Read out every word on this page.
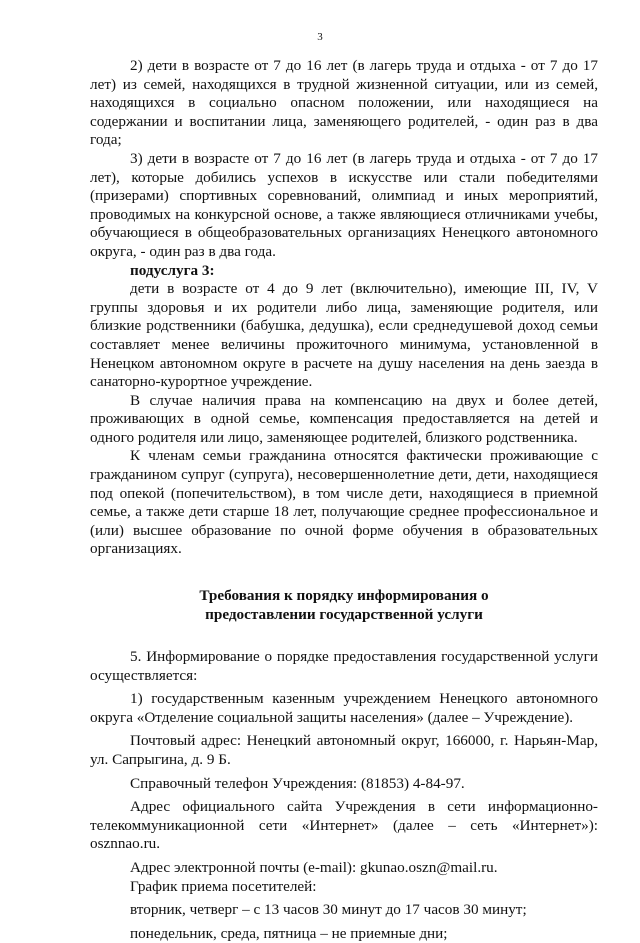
3

2) дети в возрасте от 7 до 16 лет (в лагерь труда и отдыха - от 7 до 17 лет) из семей, находящихся в трудной жизненной ситуации, или из семей, находящихся в социально опасном положении, или находящиеся на содержании и воспитании лица, заменяющего родителей, - один раз в два года;

3) дети в возрасте от 7 до 16 лет (в лагерь труда и отдыха - от 7 до 17 лет), которые добились успехов в искусстве или стали победителями (призерами) спортивных соревнований, олимпиад и иных мероприятий, проводимых на конкурсной основе, а также являющиеся отличниками учебы, обучающиеся в общеобразовательных организациях Ненецкого автономного округа, - один раз в два года.

подуслуга 3:

дети в возрасте от 4 до 9 лет (включительно), имеющие III, IV, V группы здоровья и их родители либо лица, заменяющие родителя, или близкие родственники (бабушка, дедушка), если среднедушевой доход семьи составляет менее величины прожиточного минимума, установленной в Ненецком автономном округе в расчете на душу населения на день заезда в санаторно-курортное учреждение.

В случае наличия права на компенсацию на двух и более детей, проживающих в одной семье, компенсация предоставляется на детей и одного родителя или лицо, заменяющее родителей, близкого родственника.

К членам семьи гражданина относятся фактически проживающие с гражданином супруг (супруга), несовершеннолетние дети, дети, находящиеся под опекой (попечительством), в том числе дети, находящиеся в приемной семье, а также дети старше 18 лет, получающие среднее профессиональное и (или) высшее образование по очной форме обучения в образовательных организациях.

Требования к порядку информирования о
предоставлении государственной услуги

5. Информирование о порядке предоставления государственной услуги осуществляется:

1) государственным казенным учреждением Ненецкого автономного округа «Отделение социальной защиты населения» (далее – Учреждение).

Почтовый адрес: Ненецкий автономный округ, 166000, г. Нарьян-Мар, ул. Сапрыгина, д. 9 Б.

Справочный телефон Учреждения: (81853) 4-84-97.

Адрес официального сайта Учреждения в сети информационно-телекоммуникационной сети «Интернет» (далее – сеть «Интернет»): osznnao.ru.

Адрес электронной почты (e-mail): gkunao.oszn@mail.ru.

График приема посетителей:

вторник, четверг – с 13 часов 30 минут до 17 часов 30 минут;

понедельник, среда, пятница – не приемные дни;
